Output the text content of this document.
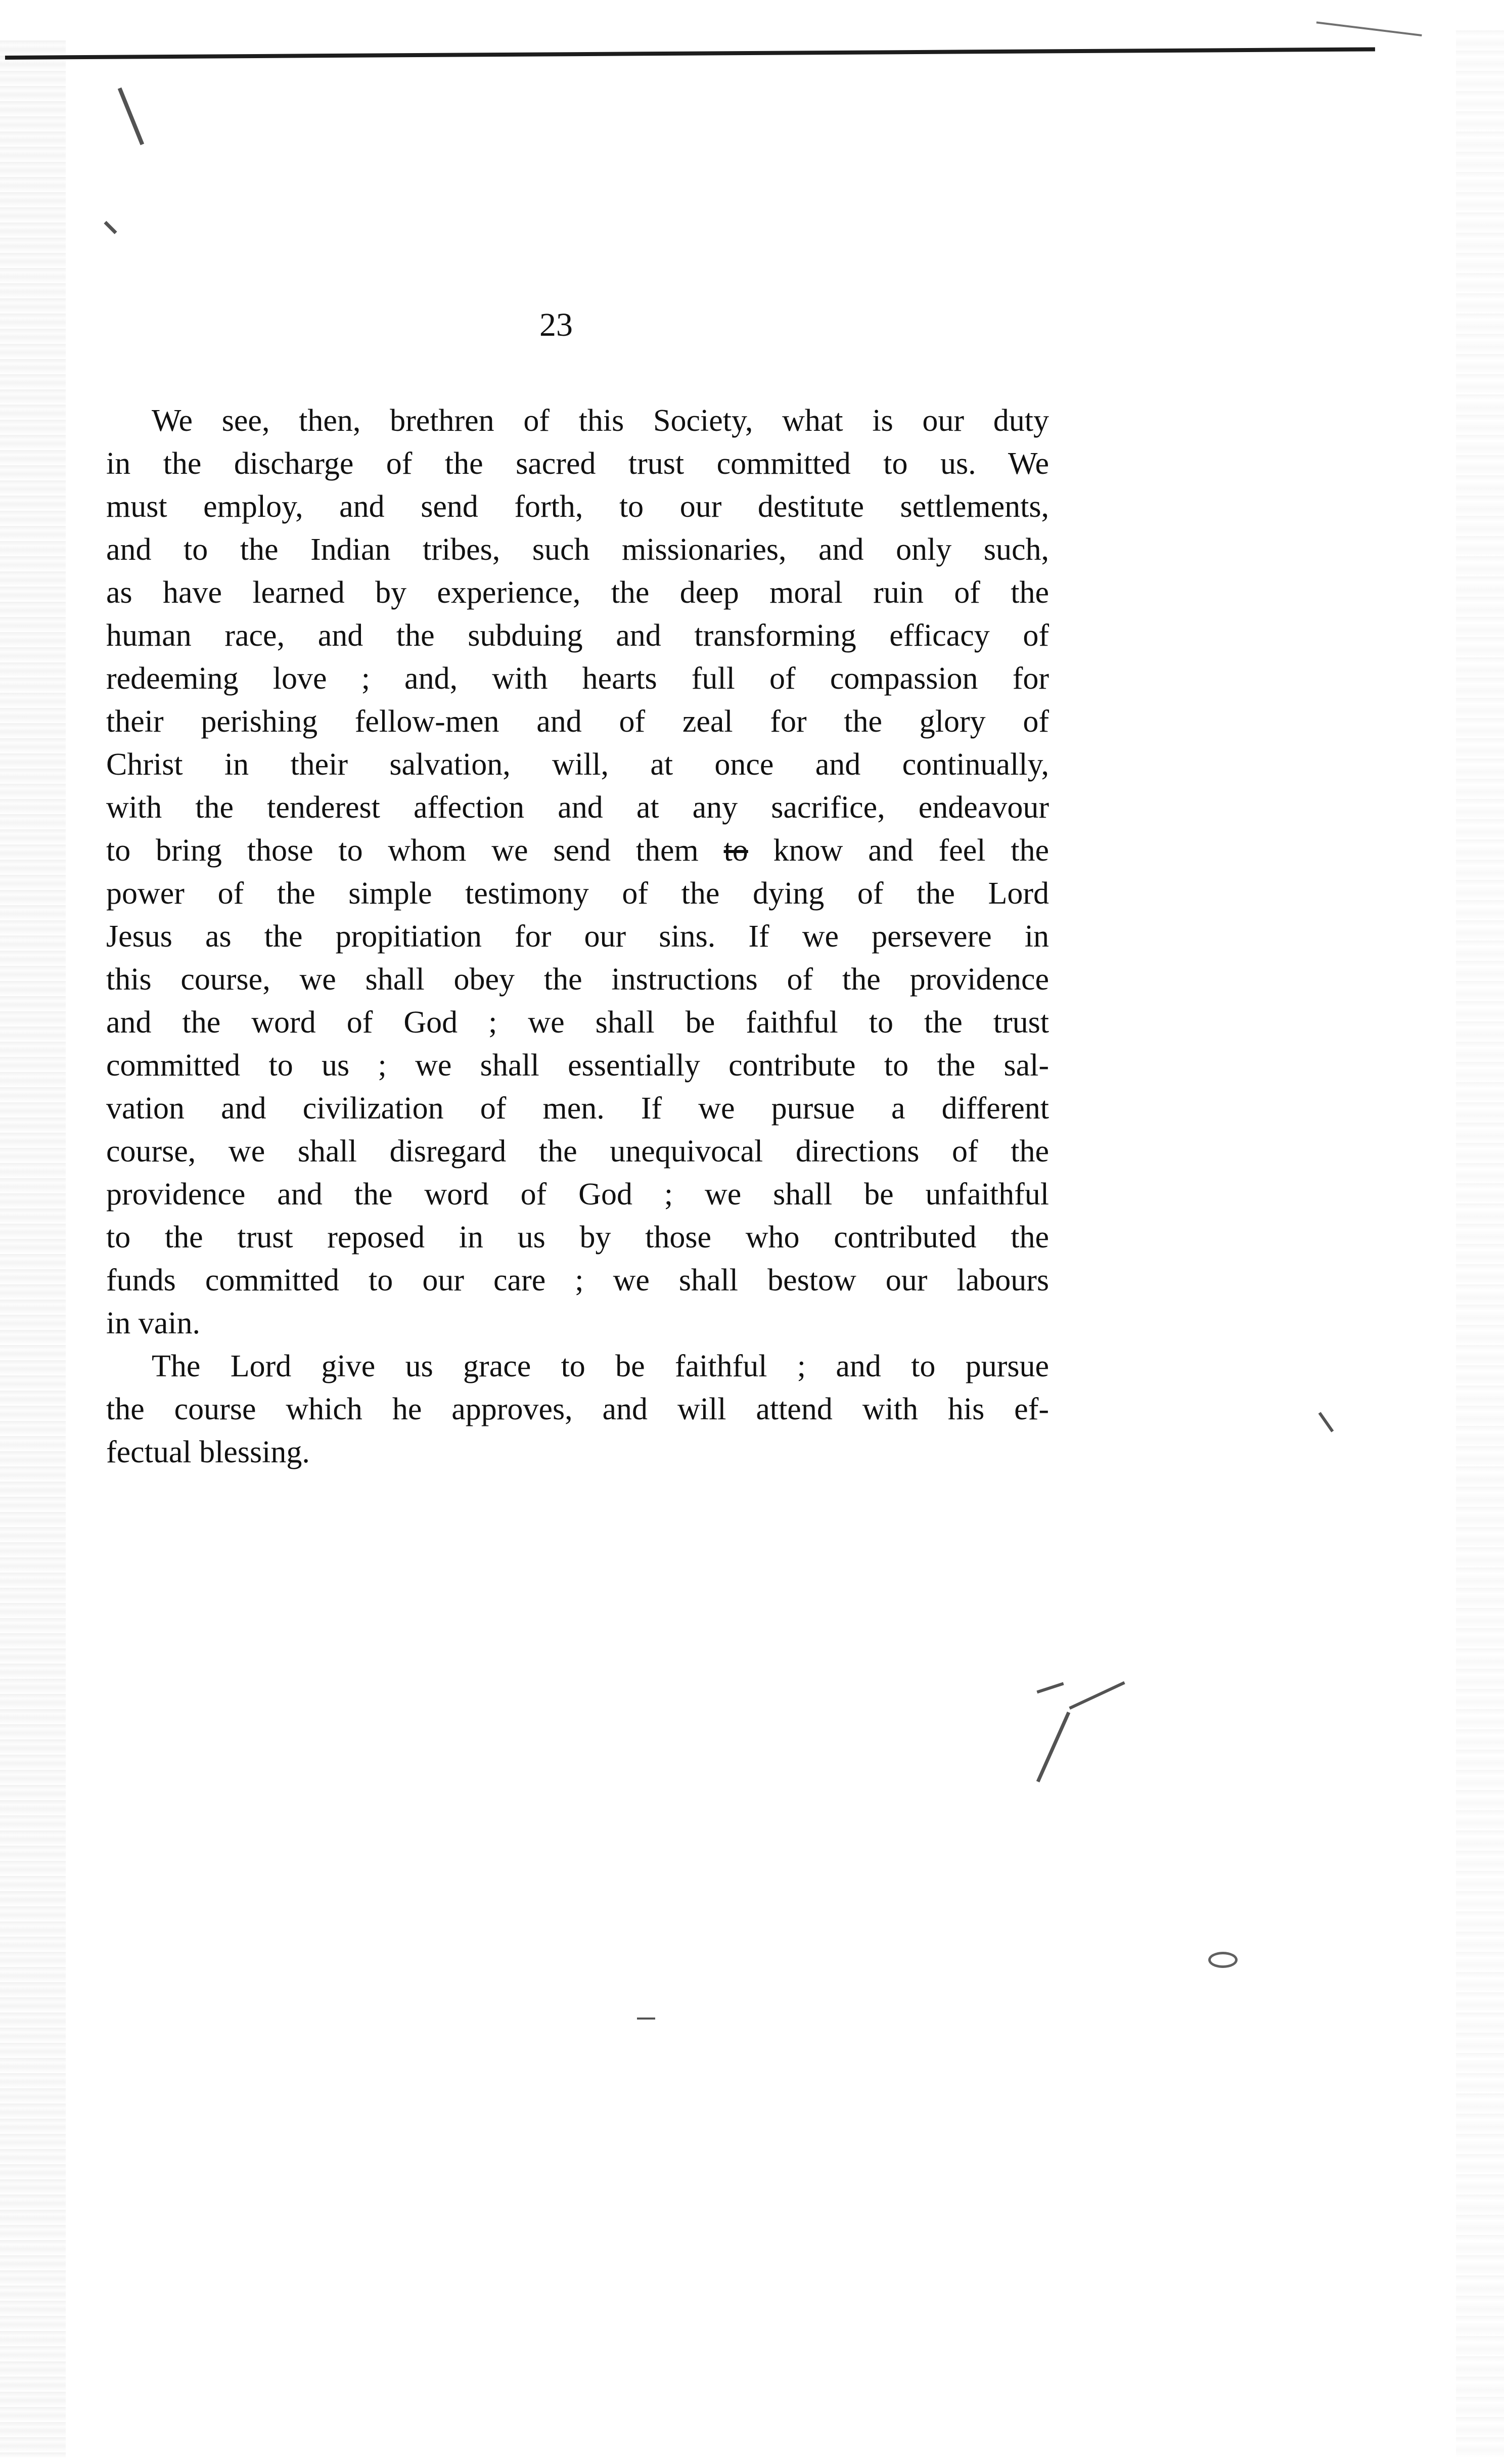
23
We see, then, brethren of this Society, what is our duty
in the discharge of the sacred trust committed to us. We
must employ, and send forth, to our destitute settlements,
and to the Indian tribes, such missionaries, and only such,
as have learned by experience, the deep moral ruin of the
human race, and the subduing and transforming efficacy of
redeeming love ; and, with hearts full of compassion for
their perishing fellow-men and of zeal for the glory of
Christ in their salvation, will, at once and continually,
with the tenderest affection and at any sacrifice, endeavour
to bring those to whom we send them to know and feel the
power of the simple testimony of the dying of the Lord
Jesus as the propitiation for our sins. If we persevere in
this course, we shall obey the instructions of the providence
and the word of God ; we shall be faithful to the trust
committed to us ; we shall essentially contribute to the sal-
vation and civilization of men. If we pursue a different
course, we shall disregard the unequivocal directions of the
providence and the word of God ; we shall be unfaithful
to the trust reposed in us by those who contributed the
funds committed to our care ; we shall bestow our labours
in vain.
The Lord give us grace to be faithful ; and to pursue
the course which he approves, and will attend with his ef-
fectual blessing.
